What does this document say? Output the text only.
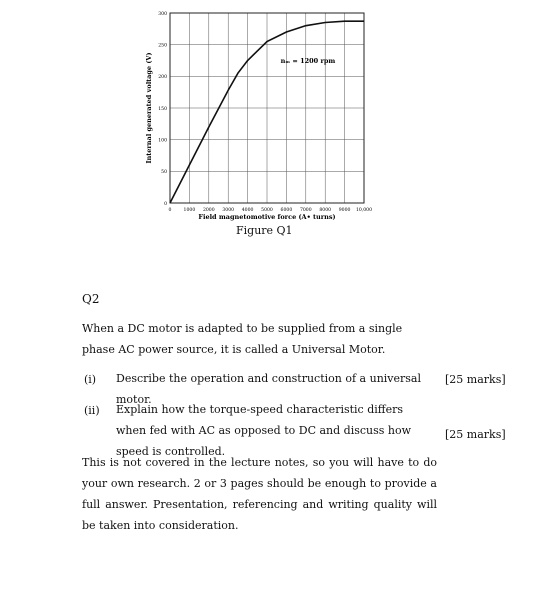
0	1000 2000 3000 4000 5000 6000 7000 8000 9000 10,000
0
50
100
150
200
250
300
nₘ = 1200 rpm
Field magnetomotive force (A• turns)
Internal generated voltage (V)
Figure Q1
Q2

When a DC motor is adapted to be supplied from a single phase AC power source, it is called a Universal Motor.

(i) Describe the operation and construction of a universal motor.

[25 marks]
(ii) Explain how the torque-speed characteristic differs when fed with AC as opposed to DC and discuss how speed is controlled.

[25 marks]

This is not covered in the lecture notes, so you will have to do your own research. 2 or 3 pages should be enough to provide a full answer. Presentation, referencing and writing quality will be taken into consideration.
